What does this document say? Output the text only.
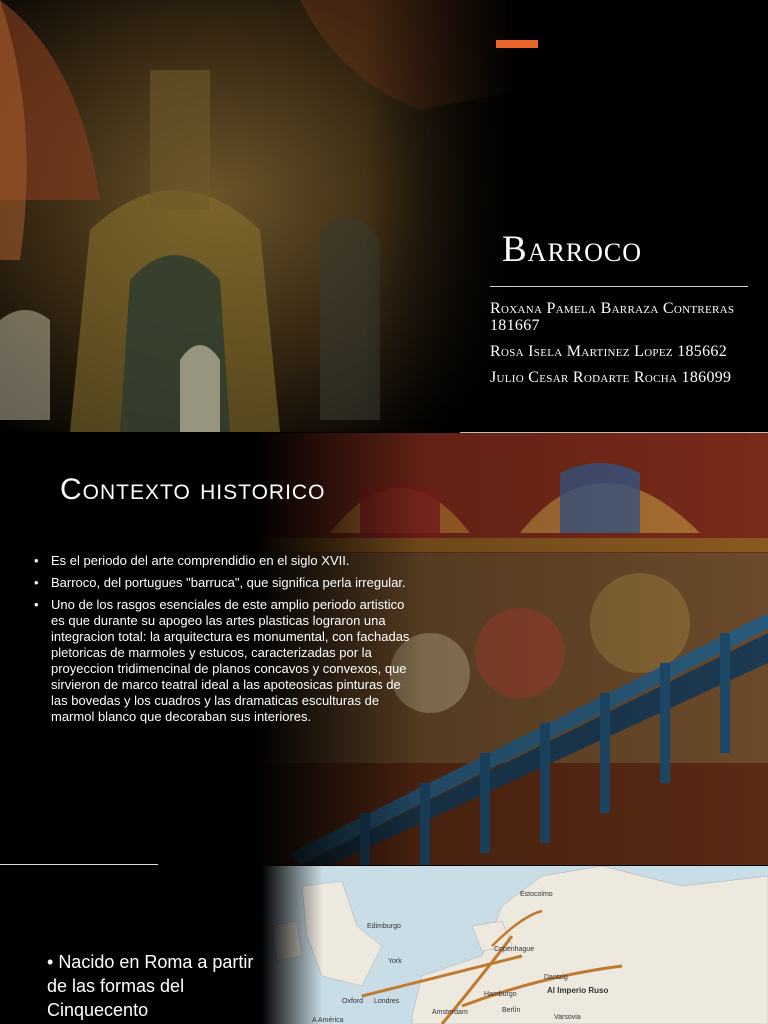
Barroco
Roxana Pamela Barraza Contreras 181667
Rosa Isela Martinez Lopez 185662
Julio Cesar Rodarte Rocha 186099
Contexto historico
• Es el periodo del arte comprendidio en el siglo XVII.
• Barroco, del portugues "barruca", que significa perla irregular.
• Uno de los rasgos esenciales de este amplio periodo artistico es que durante su apogeo las artes plasticas lograron una integracion total: la arquitectura es monumental, con fachadas pletoricas de marmoles y estucos, caracterizadas por la proyeccion tridimencinal de planos concavos y convexos, que sirvieron de marco teatral ideal a las apoteosicas pinturas de las bovedas y los cuadros y las dramaticas esculturas de marmol blanco que decoraban sus interiores.
• Nacido en Roma a partir de las formas del Cinquecento
